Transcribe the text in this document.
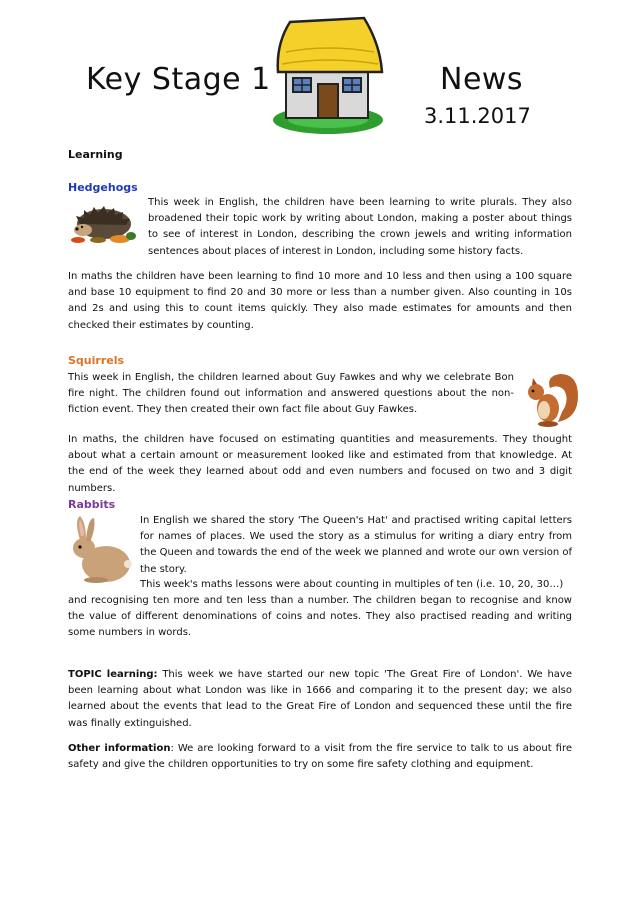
Key Stage 1	News
3.11.2017
Learning
Hedgehogs
This week in English, the children have been learning to write plurals. They also broadened their topic work by writing about London, making a poster about things to see of interest in London, describing the crown jewels and writing information sentences about places of interest in London, including some history facts.
In maths the children have been learning to find 10 more and 10 less and then using a 100 square and base 10 equipment to find 20 and 30 more or less than a number given. Also counting in 10s and 2s and using this to count items quickly. They also made estimates for amounts and then checked their estimates by counting.
Squirrels
This week in English, the children learned about Guy Fawkes and why we celebrate Bon fire night. The children found out information and answered questions about the non-fiction event. They then created their own fact file about Guy Fawkes.
In maths, the children have focused on estimating quantities and measurements. They thought about what a certain amount or measurement looked like and estimated from that knowledge. At the end of the week they learned about odd and even numbers and focused on two and 3 digit numbers.
Rabbits
In English we shared the story 'The Queen's Hat' and practised writing capital letters for names of places. We used the story as a stimulus for writing a diary entry from the Queen and towards the end of the week we planned and wrote our own version of the story.
This week's maths lessons were about counting in multiples of ten (i.e. 10, 20, 30…)
and recognising ten more and ten less than a number. The children began to recognise and know the value of different denominations of coins and notes. They also practised reading and writing some numbers in words.
TOPIC learning: This week we have started our new topic 'The Great Fire of London'. We have been learning about what London was like in 1666 and comparing it to the present day; we also learned about the events that lead to the Great Fire of London and sequenced these until the fire was finally extinguished.
Other information: We are looking forward to a visit from the fire service to talk to us about fire safety and give the children opportunities to try on some fire safety clothing and equipment.
